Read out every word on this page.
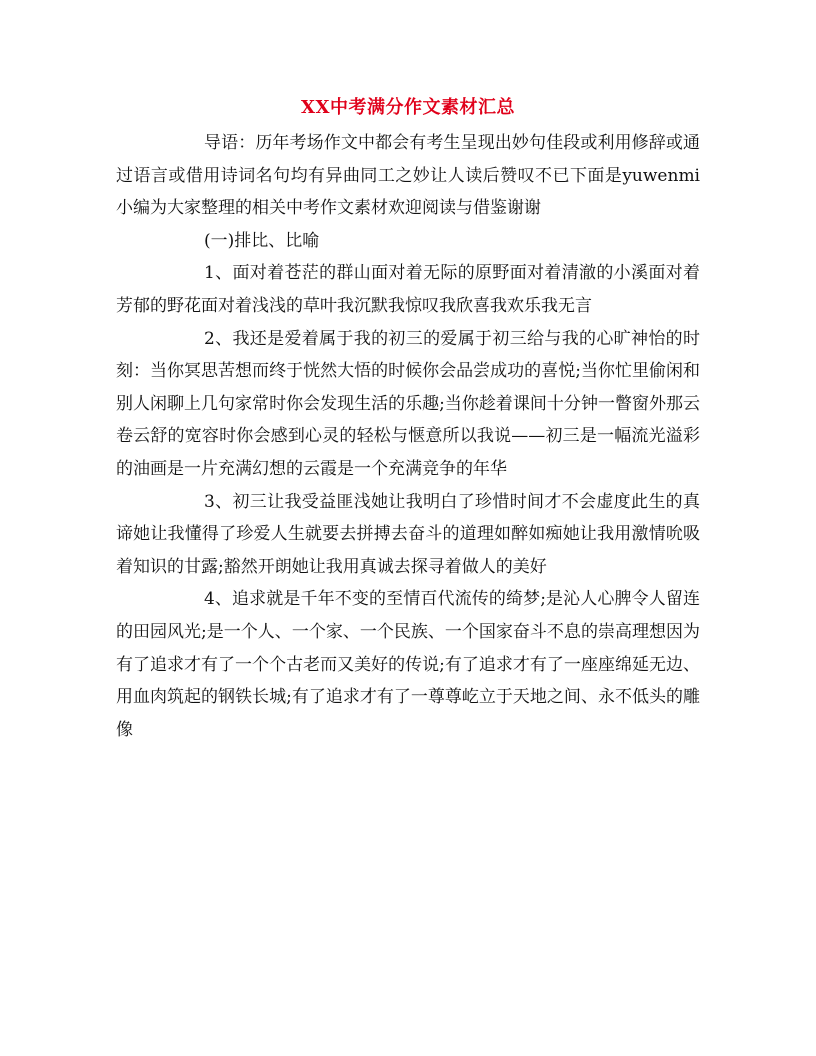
XX中考满分作文素材汇总

导语：历年考场作文中都会有考生呈现出妙句佳段或利用修辞或通过语言或借用诗词名句均有异曲同工之妙让人读后赞叹不已下面是yuwenmi小编为大家整理的相关中考作文素材欢迎阅读与借鉴谢谢

(一)排比、比喻

1、面对着苍茫的群山面对着无际的原野面对着清澈的小溪面对着芳郁的野花面对着浅浅的草叶我沉默我惊叹我欣喜我欢乐我无言

2、我还是爱着属于我的初三的爱属于初三给与我的心旷神怡的时刻：当你冥思苦想而终于恍然大悟的时候你会品尝成功的喜悦;当你忙里偷闲和别人闲聊上几句家常时你会发现生活的乐趣;当你趁着课间十分钟一瞥窗外那云卷云舒的宽容时你会感到心灵的轻松与惬意所以我说——初三是一幅流光溢彩的油画是一片充满幻想的云霞是一个充满竞争的年华

3、初三让我受益匪浅她让我明白了珍惜时间才不会虚度此生的真谛她让我懂得了珍爱人生就要去拼搏去奋斗的道理如醉如痴她让我用激情吮吸着知识的甘露;豁然开朗她让我用真诚去探寻着做人的美好

4、追求就是千年不变的至情百代流传的绮梦;是沁人心脾令人留连的田园风光;是一个人、一个家、一个民族、一个国家奋斗不息的崇高理想因为有了追求才有了一个个古老而又美好的传说;有了追求才有了一座座绵延无边、用血肉筑起的钢铁长城;有了追求才有了一尊尊屹立于天地之间、永不低头的雕像
